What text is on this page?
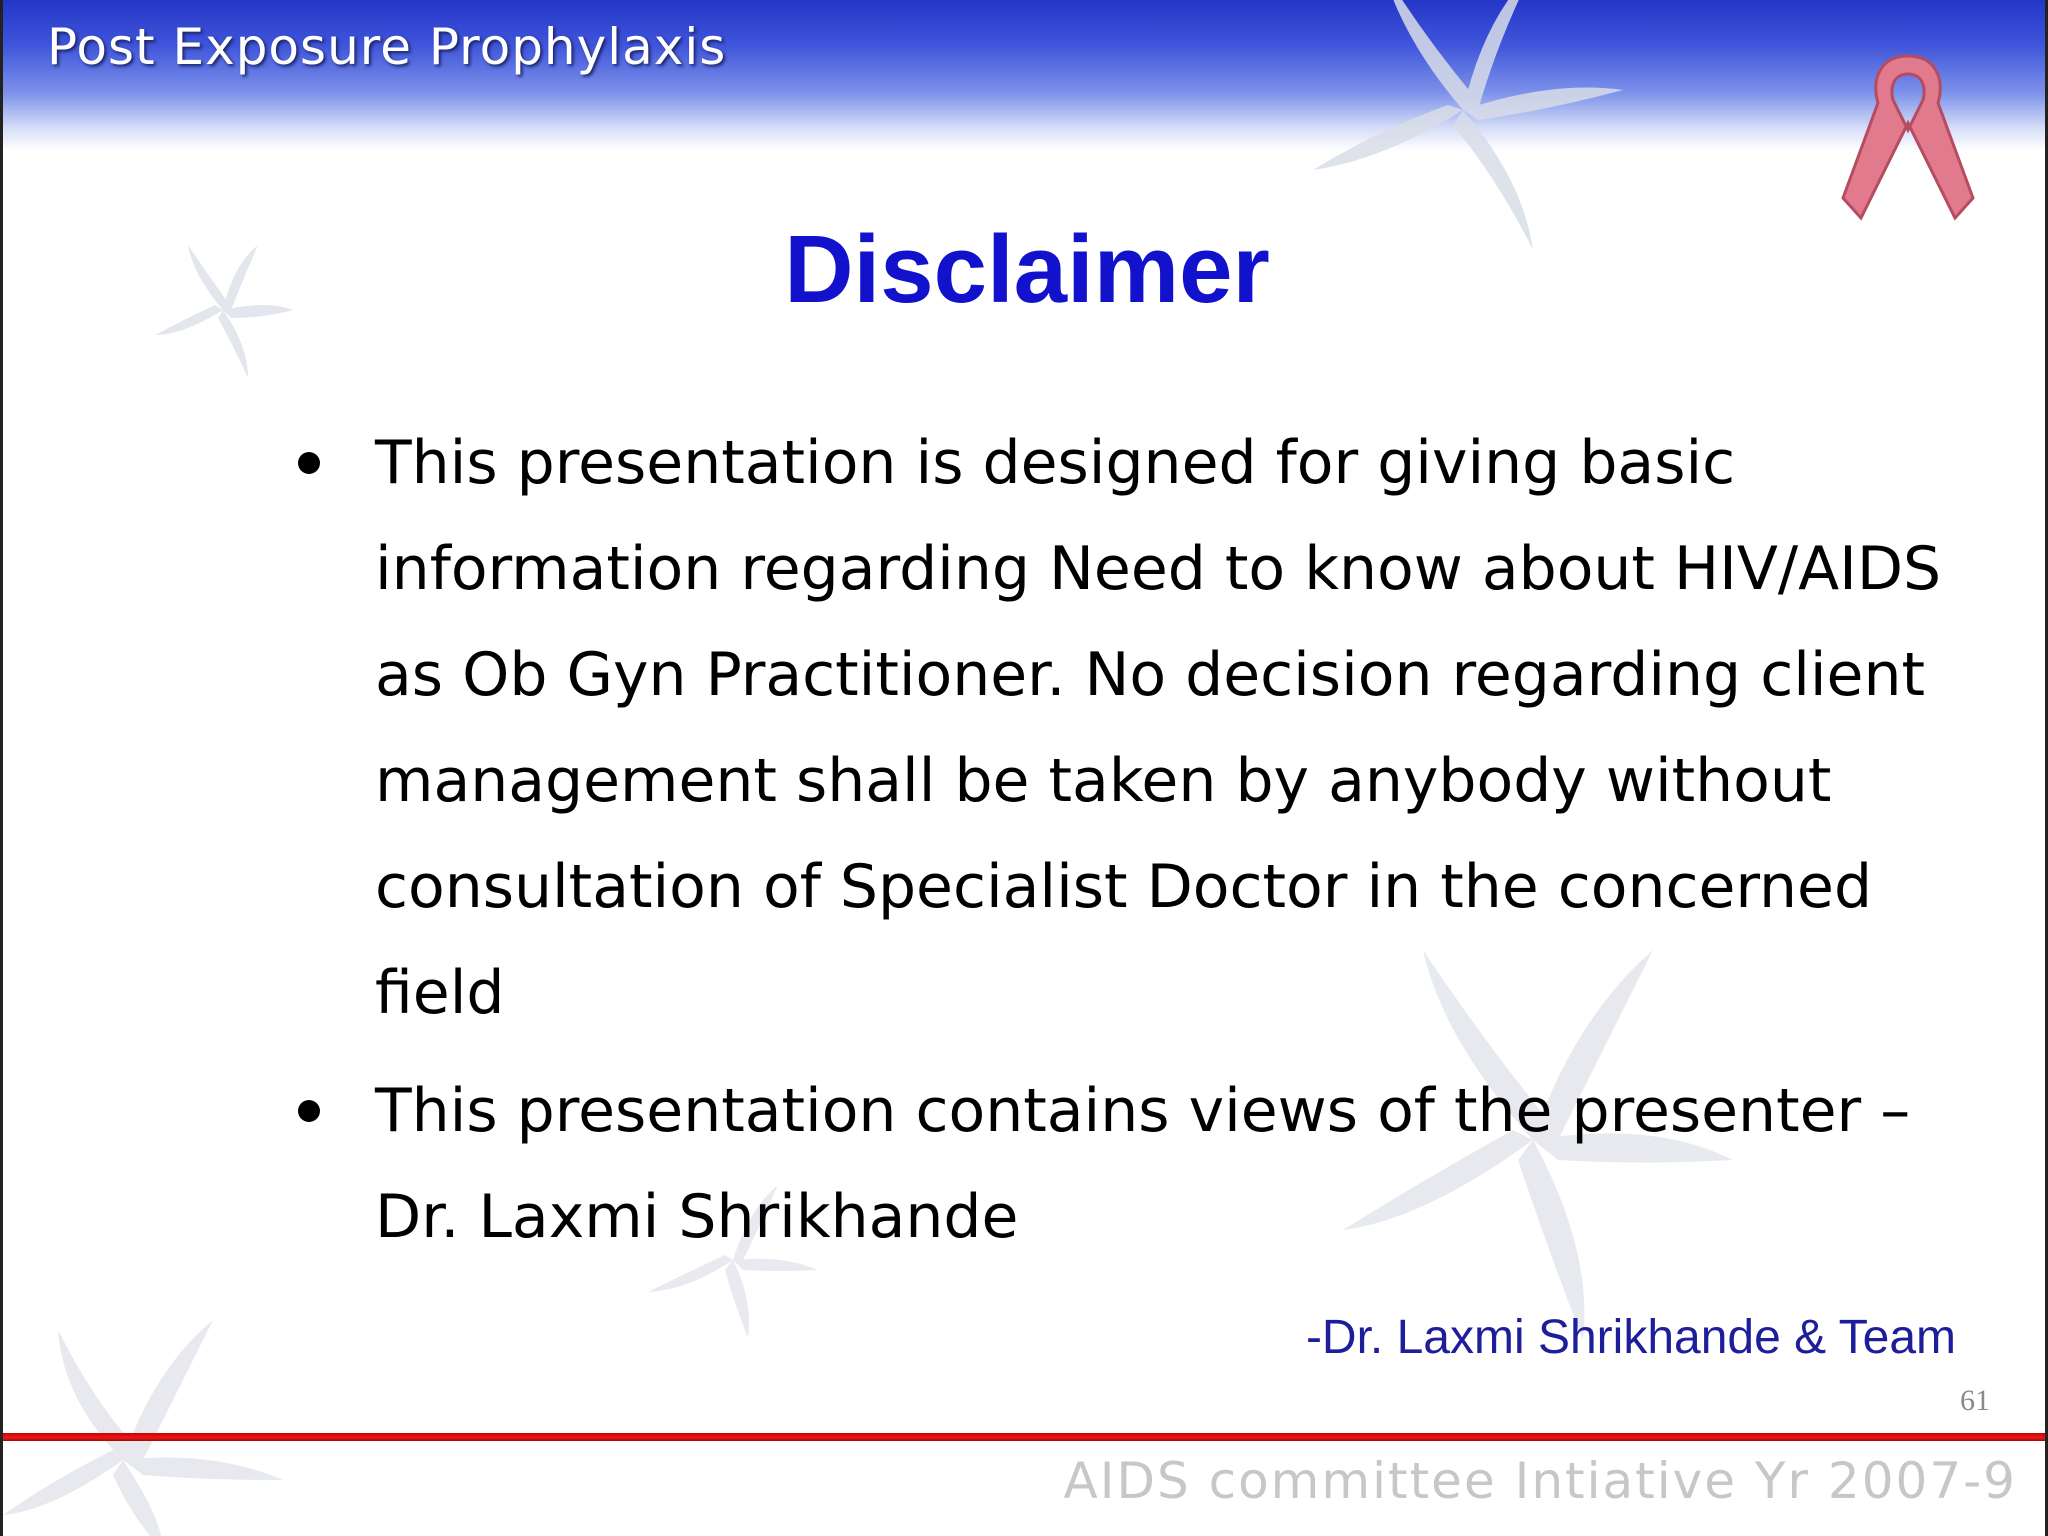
Post Exposure Prophylaxis
Disclaimer
This presentation is designed for giving basic information regarding Need to know about HIV/AIDS as Ob Gyn Practitioner. No decision regarding client management shall be taken by anybody without consultation of Specialist Doctor in the concerned field
This presentation contains views of the presenter – Dr. Laxmi Shrikhande
-Dr. Laxmi Shrikhande & Team
61
AIDS committee Intiative Yr 2007-9
